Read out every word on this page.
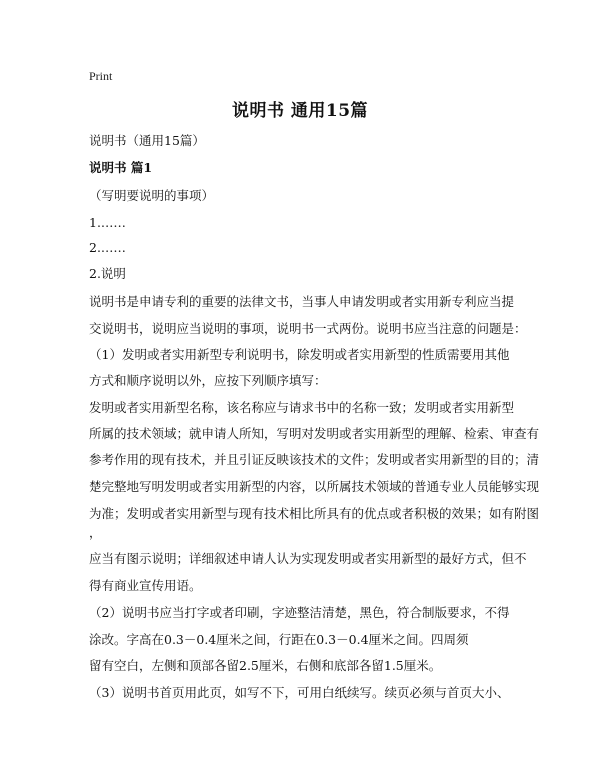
Print
说明书 通用15篇
说明书（通用15篇）
说明书 篇1
（写明要说明的事项）
1.……
2.……
2.说明
说明书是申请专利的重要的法律文书，当事人申请发明或者实用新专利应当提
交说明书，说明应当说明的事项，说明书一式两份。说明书应当注意的问题是：
（1）发明或者实用新型专利说明书，除发明或者实用新型的性质需要用其他
方式和顺序说明以外，应按下列顺序填写：
发明或者实用新型名称，该名称应与请求书中的名称一致；发明或者实用新型
所属的技术领域；就申请人所知，写明对发明或者实用新型的理解、检索、审查有
参考作用的现有技术，并且引证反映该技术的文件；发明或者实用新型的目的；清
楚完整地写明发明或者实用新型的内容，以所属技术领域的普通专业人员能够实现
为准；发明或者实用新型与现有技术相比所具有的优点或者积极的效果；如有附图
，
应当有图示说明；详细叙述申请人认为实现发明或者实用新型的最好方式，但不
得有商业宣传用语。
（2）说明书应当打字或者印刷，字迹整洁清楚，黑色，符合制版要求，不得
涂改。字高在0.3－0.4厘米之间，行距在0.3－0.4厘米之间。四周须
留有空白，左侧和顶部各留2.5厘米，右侧和底部各留1.5厘米。
（3）说明书首页用此页，如写不下，可用白纸续写。续页必须与首页大小、
